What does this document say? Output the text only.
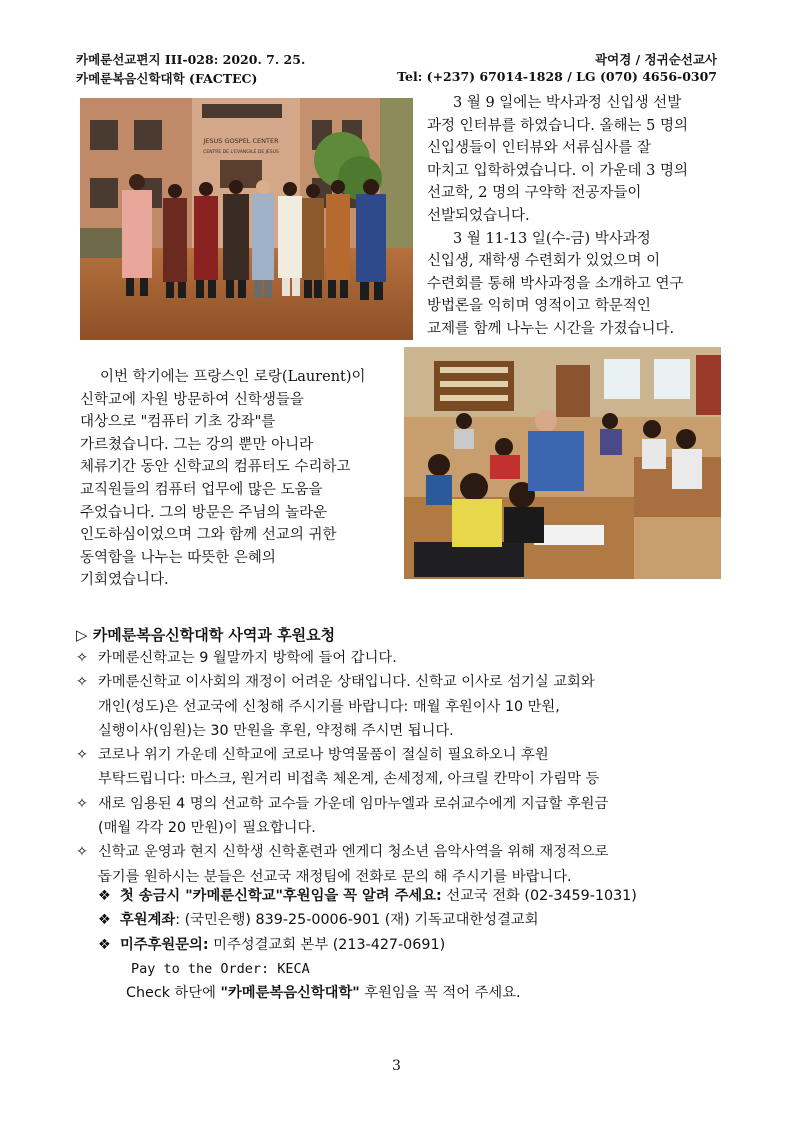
카메룬선교편지 III-028: 2020. 7. 25.
카메룬복음신학대학 (FACTEC)
곽여경 / 정귀순선교사
Tel: (+237) 67014-1828 / LG (070) 4656-0307
JESUS GOSPEL CENTER
CENTRE DE L'EVANGILE DE JESUS
3 월 9 일에는 박사과정 신입생 선발
과정 인터뷰를 하였습니다. 올해는 5 명의
신입생들이 인터뷰와 서류심사를 잘
마치고 입학하였습니다. 이 가운데 3 명의
선교학, 2 명의 구약학 전공자들이
선발되었습니다.
3 월 11-13 일(수-금) 박사과정
신입생, 재학생 수련회가 있었으며 이
수련회를 통해 박사과정을 소개하고 연구
방법론을 익히며 영적이고 학문적인
교제를 함께 나누는 시간을 가졌습니다.
이번 학기에는 프랑스인 로랑(Laurent)이
신학교에 자원 방문하여 신학생들을
대상으로 "컴퓨터 기초 강좌"를
가르쳤습니다. 그는 강의 뿐만 아니라
체류기간 동안 신학교의 컴퓨터도 수리하고
교직원들의 컴퓨터 업무에 많은 도움을
주었습니다. 그의 방문은 주님의 놀라운
인도하심이었으며 그와 함께 선교의 귀한
동역함을 나누는 따뜻한 은혜의
기회였습니다.
▷ 카메룬복음신학대학 사역과 후원요청
✧ 카메룬신학교는 9 월말까지 방학에 들어 갑니다.
✧ 카메룬신학교 이사회의 재정이 어려운 상태입니다. 신학교 이사로 섬기실 교회와
개인(성도)은 선교국에 신청해 주시기를 바랍니다: 매월 후원이사 10 만원,
실행이사(임원)는 30 만원을 후원, 약정해 주시면 됩니다.
✧ 코로나 위기 가운데 신학교에 코로나 방역물품이 절실히 필요하오니 후원
부탁드립니다: 마스크, 원거리 비접촉 체온계, 손세정제, 아크릴 칸막이 가림막 등
✧ 새로 임용된 4 명의 선교학 교수들 가운데 임마누엘과 로쉬교수에게 지급할 후원금
(매월 각각 20 만원)이 필요합니다.
✧ 신학교 운영과 현지 신학생 신학훈련과 엔게디 청소년 음악사역을 위해 재정적으로
돕기를 원하시는 분들은 선교국 재정팀에 전화로 문의 해 주시기를 바랍니다.
❖ 첫 송금시 "카메룬신학교"후원임을 꼭 알려 주세요: 선교국 전화 (02-3459-1031)
❖ 후원계좌: (국민은행) 839-25-0006-901 (재) 기독교대한성결교회
❖ 미주후원문의: 미주성결교회 본부 (213-427-0691)
Pay to the Order: KECA
Check 하단에 "카메룬복음신학대학" 후원임을 꼭 적어 주세요.
3
